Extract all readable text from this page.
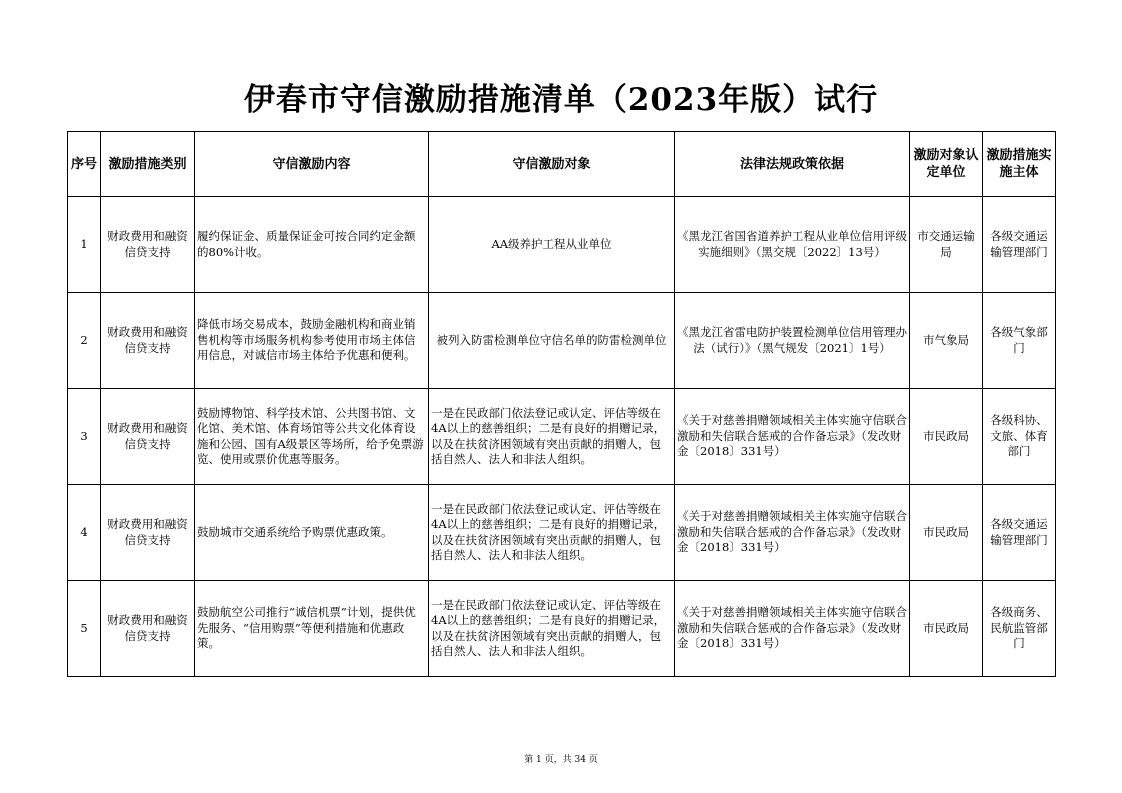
伊春市守信激励措施清单（2023年版）试行
序号	激励措施类别	守信激励内容	守信激励对象	法律法规政策依据	激励对象认定单位	激励措施实施主体
1	财政费用和融资信贷支持	履约保证金、质量保证金可按合同约定金额的80%计收。	AA级养护工程从业单位	《黑龙江省国省道养护工程从业单位信用评级实施细则》（黑交规〔2022〕13号）	市交通运输局	各级交通运输管理部门
2	财政费用和融资信贷支持	降低市场交易成本，鼓励金融机构和商业销售机构等市场服务机构参考使用市场主体信用信息，对诚信市场主体给予优惠和便利。	被列入防雷检测单位守信名单的防雷检测单位	《黑龙江省雷电防护装置检测单位信用管理办法（试行）》（黑气规发〔2021〕1号）	市气象局	各级气象部门
3	财政费用和融资信贷支持	鼓励博物馆、科学技术馆、公共图书馆、文化馆、美术馆、体育场馆等公共文化体育设施和公园、国有A级景区等场所，给予免票游览、使用或票价优惠等服务。	一是在民政部门依法登记或认定、评估等级在4A以上的慈善组织；二是有良好的捐赠记录，以及在扶贫济困领域有突出贡献的捐赠人，包括自然人、法人和非法人组织。	《关于对慈善捐赠领域相关主体实施守信联合激励和失信联合惩戒的合作备忘录》（发改财金〔2018〕331号）	市民政局	各级科协、文旅、体育部门
4	财政费用和融资信贷支持	鼓励城市交通系统给予购票优惠政策。	一是在民政部门依法登记或认定、评估等级在4A以上的慈善组织；二是有良好的捐赠记录，以及在扶贫济困领域有突出贡献的捐赠人，包括自然人、法人和非法人组织。	《关于对慈善捐赠领域相关主体实施守信联合激励和失信联合惩戒的合作备忘录》（发改财金〔2018〕331号）	市民政局	各级交通运输管理部门
5	财政费用和融资信贷支持	鼓励航空公司推行“诚信机票”计划，提供优先服务、“信用购票”等便利措施和优惠政策。	一是在民政部门依法登记或认定、评估等级在4A以上的慈善组织；二是有良好的捐赠记录，以及在扶贫济困领域有突出贡献的捐赠人，包括自然人、法人和非法人组织。	《关于对慈善捐赠领域相关主体实施守信联合激励和失信联合惩戒的合作备忘录》（发改财金〔2018〕331号）	市民政局	各级商务、民航监管部门
第 1 页，共 34 页
